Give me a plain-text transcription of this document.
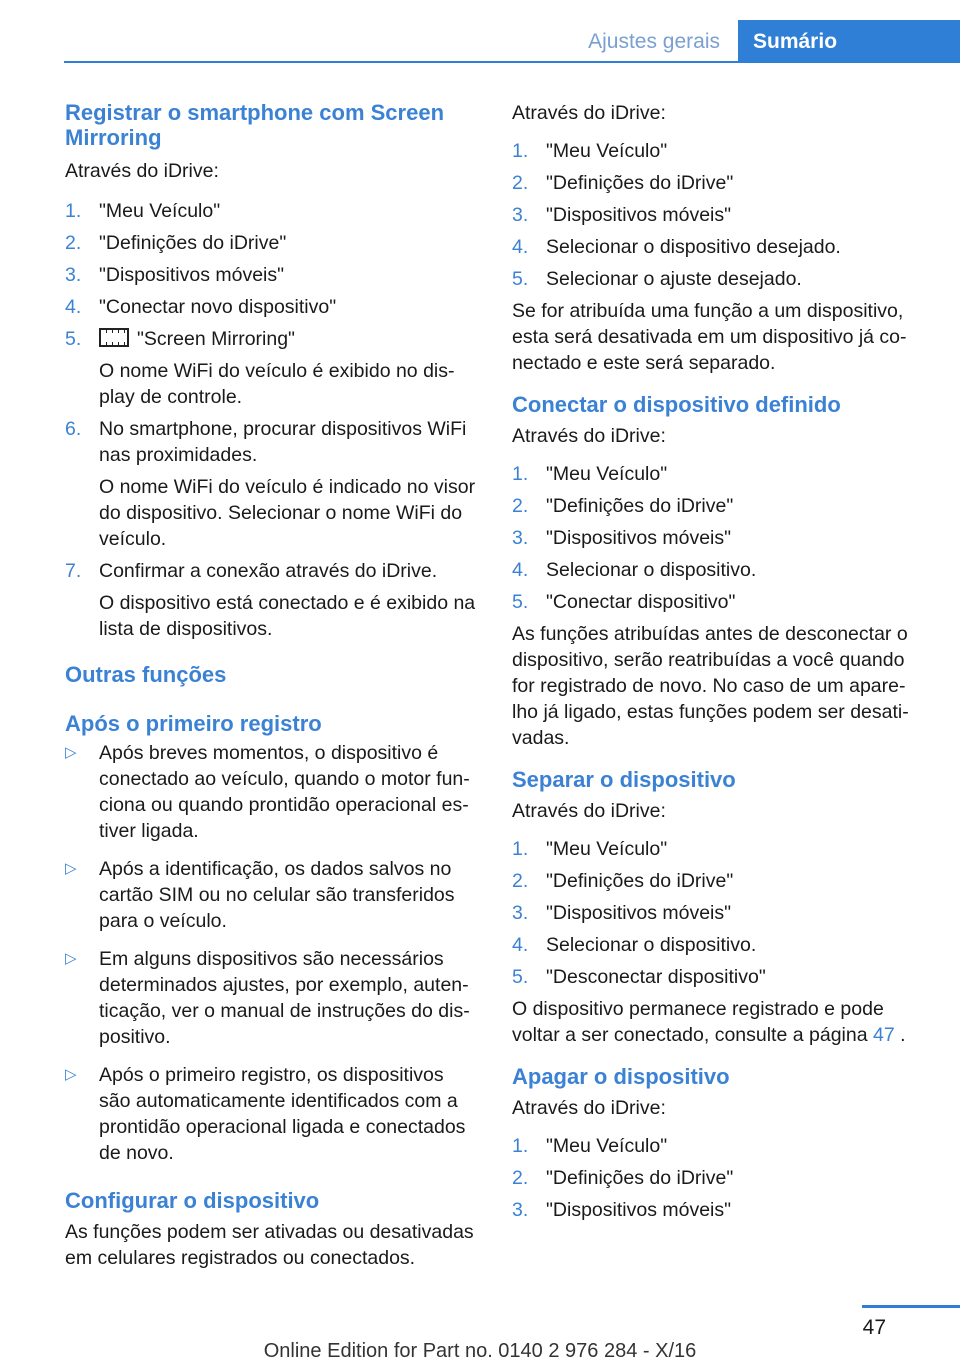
Ajustes gerais	Sumário
Registrar o smartphone com Screen Mirroring

Através do iDrive:

1. "Meu Veículo"
2. "Definições do iDrive"
3. "Dispositivos móveis"
4. "Conectar novo dispositivo"
5.	"Screen Mirroring"
O nome WiFi do veículo é exibido no dis-play de controle.
6. No smartphone, procurar dispositivos WiFi nas proximidades.
O nome WiFi do veículo é indicado no visor do dispositivo. Selecionar o nome WiFi do veículo.
7. Confirmar a conexão através do iDrive.
O dispositivo está conectado e é exibido na lista de dispositivos.
Outras funções
Após o primeiro registro
▷ Após breves momentos, o dispositivo é conectado ao veículo, quando o motor fun-ciona ou quando prontidão operacional es-tiver ligada.
▷ Após a identificação, os dados salvos no cartão SIM ou no celular são transferidos para o veículo.
▷ Em alguns dispositivos são necessários determinados ajustes, por exemplo, auten-ticação, ver o manual de instruções do dis-positivo.
▷ Após o primeiro registro, os dispositivos são automaticamente identificados com a prontidão operacional ligada e conectados de novo.
Configurar o dispositivo

As funções podem ser ativadas ou desativadas em celulares registrados ou conectados.

Através do iDrive:

1. "Meu Veículo"
2. "Definições do iDrive"
3. "Dispositivos móveis"
4. Selecionar o dispositivo desejado.
5. Selecionar o ajuste desejado.

Se for atribuída uma função a um dispositivo, esta será desativada em um dispositivo já co-nectado e este será separado.

Conectar o dispositivo definido

Através do iDrive:

1. "Meu Veículo"
2. "Definições do iDrive"
3. "Dispositivos móveis"
4. Selecionar o dispositivo.
5. "Conectar dispositivo"

As funções atribuídas antes de desconectar o dispositivo, serão reatribuídas a você quando for registrado de novo. No caso de um apare-lho já ligado, estas funções podem ser desati-vadas.

Separar o dispositivo

Através do iDrive:

1. "Meu Veículo"
2. "Definições do iDrive"
3. "Dispositivos móveis"
4. Selecionar o dispositivo.
5. "Desconectar dispositivo"

O dispositivo permanece registrado e pode voltar a ser conectado, consulte a página 47 .

Apagar o dispositivo

Através do iDrive:

1. "Meu Veículo"
2. "Definições do iDrive"
3. "Dispositivos móveis"
47
Online Edition for Part no. 0140 2 976 284 - X/16
